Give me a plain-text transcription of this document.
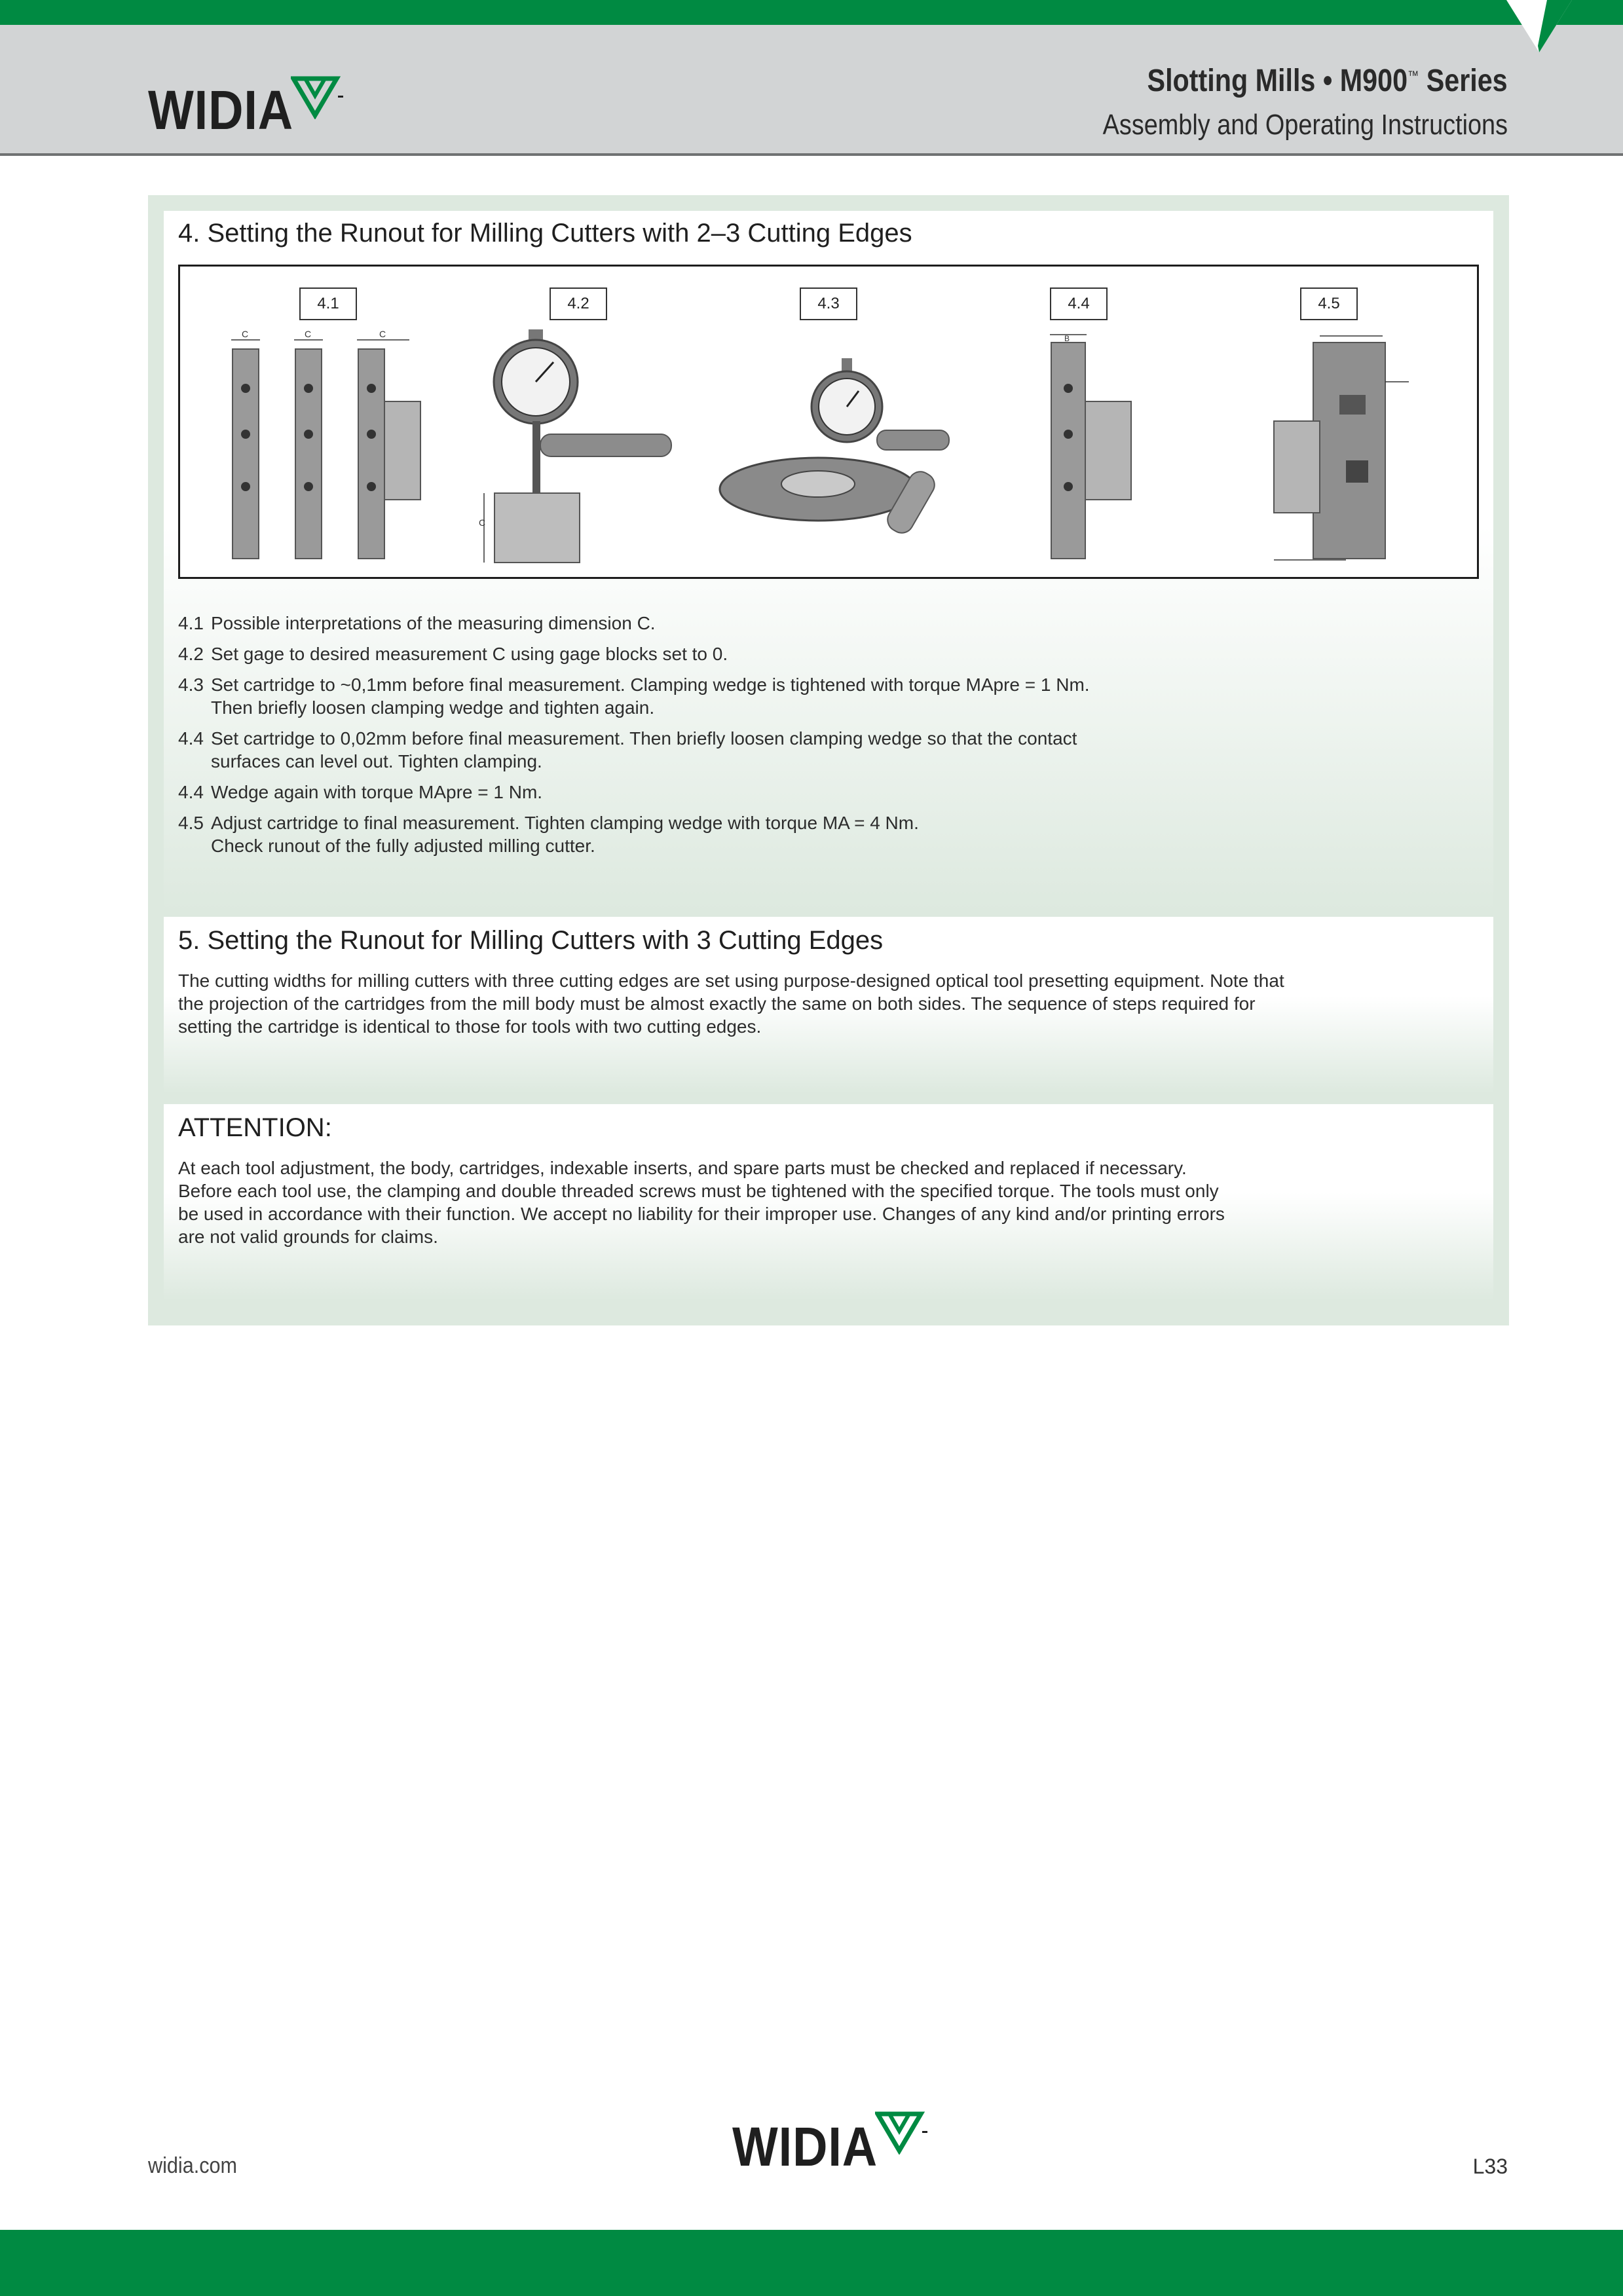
WIDIA	Slotting Mills • M900™ Series
Assembly and Operating Instructions
4. Setting the Runout for Milling Cutters with 2–3 Cutting Edges
4.1	4.2	4.3	4.4	4.5
C	C	C
C
B
4.1 Possible interpretations of the measuring dimension C.
4.2 Set gage to desired measurement C using gage blocks set to 0.
4.3 Set cartridge to ~0,1mm before final measurement. Clamping wedge is tightened with torque MApre = 1 Nm.
Then briefly loosen clamping wedge and tighten again.
4.4 Set cartridge to 0,02mm before final measurement. Then briefly loosen clamping wedge so that the contact
surfaces can level out. Tighten clamping.
4.4 Wedge again with torque MApre = 1 Nm.
4.5 Adjust cartridge to final measurement. Tighten clamping wedge with torque MA = 4 Nm.
Check runout of the fully adjusted milling cutter.
5. Setting the Runout for Milling Cutters with 3 Cutting Edges
The cutting widths for milling cutters with three cutting edges are set using purpose-designed optical tool presetting equipment. Note that
the projection of the cartridges from the mill body must be almost exactly the same on both sides. The sequence of steps required for
setting the cartridge is identical to those for tools with two cutting edges.
ATTENTION:
At each tool adjustment, the body, cartridges, indexable inserts, and spare parts must be checked and replaced if necessary.
Before each tool use, the clamping and double threaded screws must be tightened with the specified torque. The tools must only
be used in accordance with their function. We accept no liability for their improper use. Changes of any kind and/or printing errors
are not valid grounds for claims.
widia.com	WIDIA	L33
